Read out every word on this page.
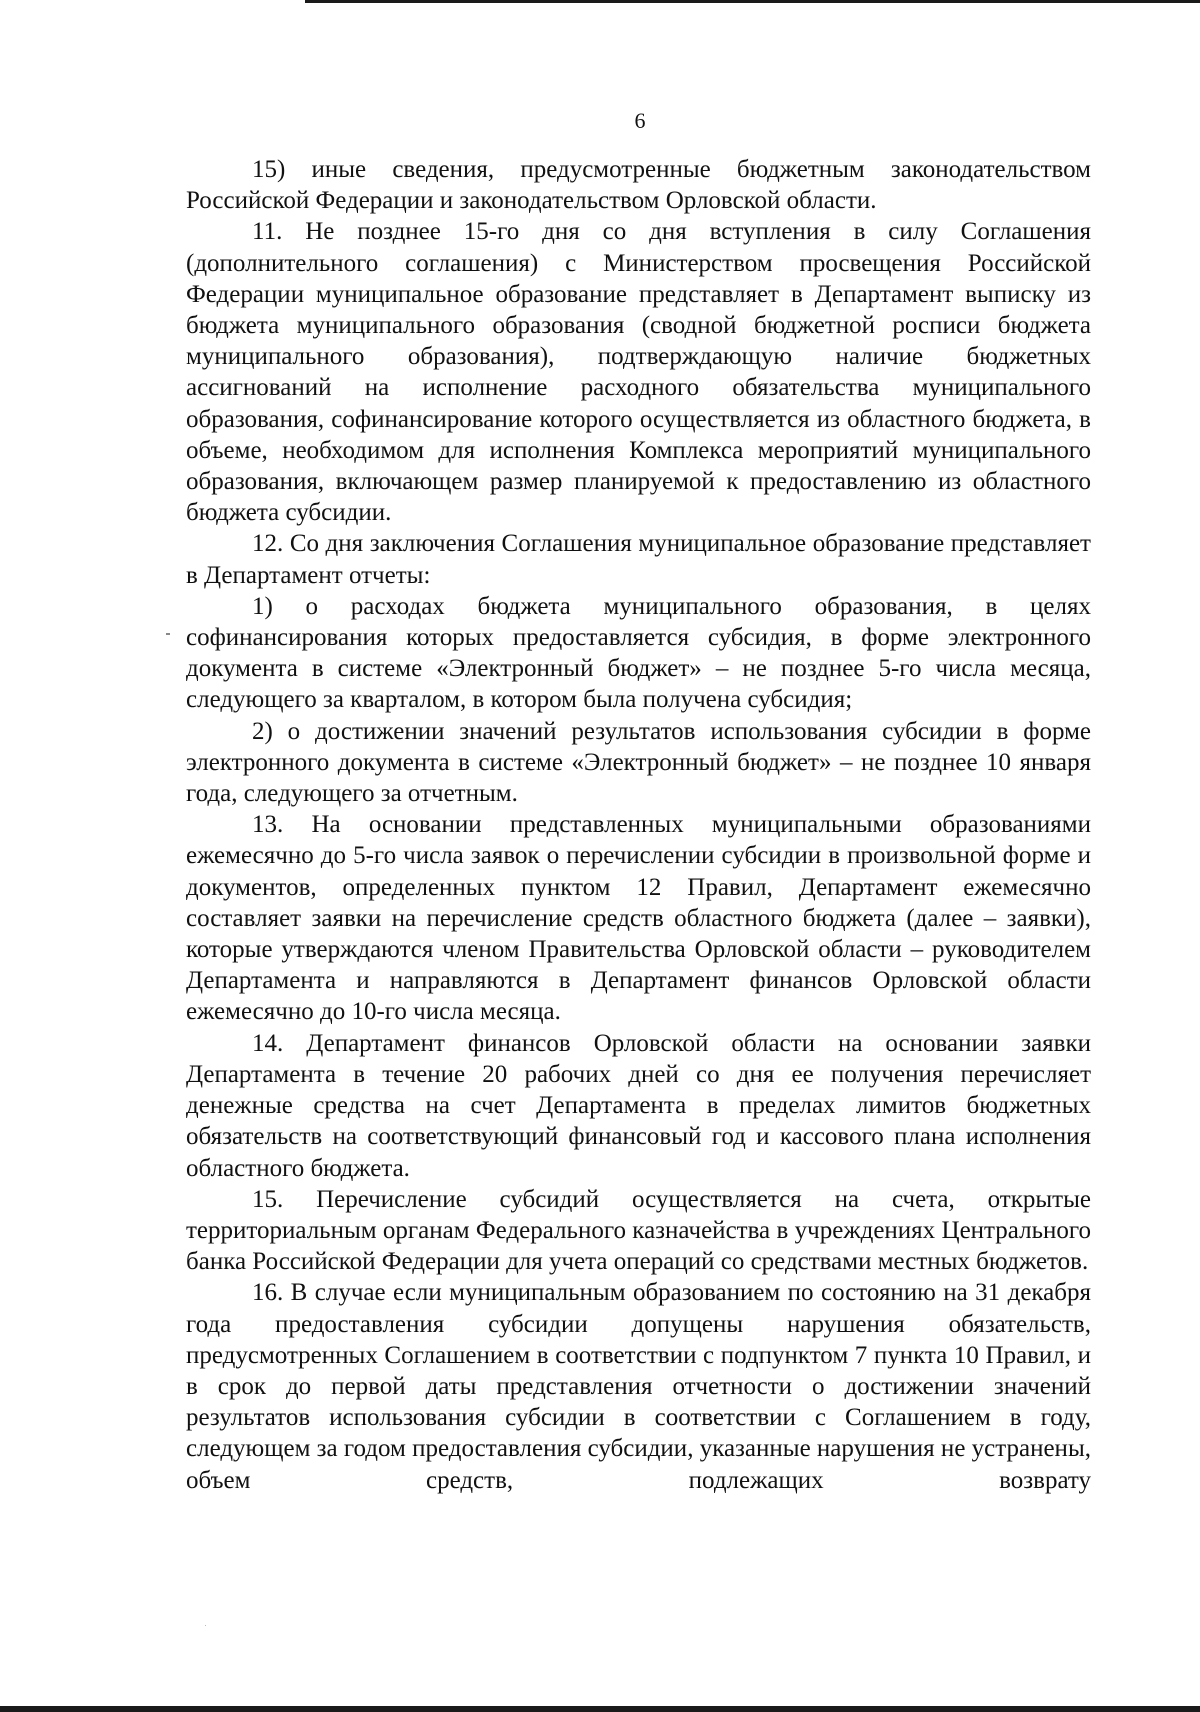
6

15) иные сведения, предусмотренные бюджетным законодательством Российской Федерации и законодательством Орловской области.

11. Не позднее 15-го дня со дня вступления в силу Соглашения (дополнительного соглашения) с Министерством просвещения Российской Федерации муниципальное образование представляет в Департамент выписку из бюджета муниципального образования (сводной бюджетной росписи бюджета муниципального образования), подтверждающую наличие бюджетных ассигнований на исполнение расходного обязательства муниципального образования, софинансирование которого осуществляется из областного бюджета, в объеме, необходимом для исполнения Комплекса мероприятий муниципального образования, включающем размер планируемой к предоставлению из областного бюджета субсидии.

12. Со дня заключения Соглашения муниципальное образование представляет в Департамент отчеты:

1) о расходах бюджета муниципального образования, в целях софинансирования которых предоставляется субсидия, в форме электронного документа в системе «Электронный бюджет» – не позднее 5-го числа месяца, следующего за кварталом, в котором была получена субсидия;

2) о достижении значений результатов использования субсидии в форме электронного документа в системе «Электронный бюджет» – не позднее 10 января года, следующего за отчетным.

13. На основании представленных муниципальными образованиями ежемесячно до 5-го числа заявок о перечислении субсидии в произвольной форме и документов, определенных пунктом 12 Правил, Департамент ежемесячно составляет заявки на перечисление средств областного бюджета (далее – заявки), которые утверждаются членом Правительства Орловской области – руководителем Департамента и направляются в Департамент финансов Орловской области ежемесячно до 10-го числа месяца.

14. Департамент финансов Орловской области на основании заявки Департамента в течение 20 рабочих дней со дня ее получения перечисляет денежные средства на счет Департамента в пределах лимитов бюджетных обязательств на соответствующий финансовый год и кассового плана исполнения областного бюджета.

15. Перечисление субсидий осуществляется на счета, открытые территориальным органам Федерального казначейства в учреждениях Центрального банка Российской Федерации для учета операций со средствами местных бюджетов.

16. В случае если муниципальным образованием по состоянию на 31 декабря года предоставления субсидии допущены нарушения обязательств, предусмотренных Соглашением в соответствии с подпунктом 7 пункта 10 Правил, и в срок до первой даты представления отчетности о достижении значений результатов использования субсидии в соответствии с Соглашением в году, следующем за годом предоставления субсидии, указанные нарушения не устранены, объем средств, подлежащих возврату
